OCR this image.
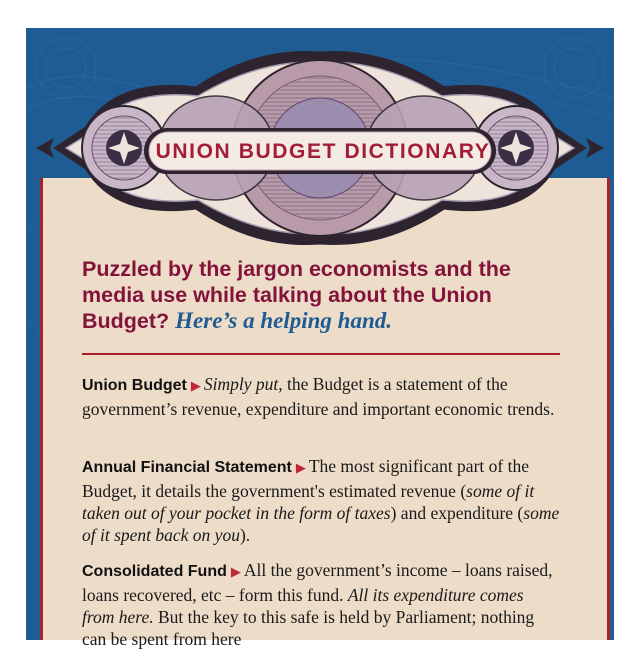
UNION BUDGET DICTIONARY
Puzzled by the jargon economists and the media use while talking about the Union Budget? Here’s a helping hand.
Union Budget ▶ Simply put, the Budget is a statement of the government’s revenue, expenditure and important economic trends.
Annual Financial Statement ▶ The most significant part of the Budget, it details the government's estimated revenue (some of it taken out of your pocket in the form of taxes) and expenditure (some of it spent back on you).
Consolidated Fund ▶ All the government’s income – loans raised, loans recovered, etc – form this fund. All its expenditure comes from here. But the key to this safe is held by Parliament; nothing can be spent from here
